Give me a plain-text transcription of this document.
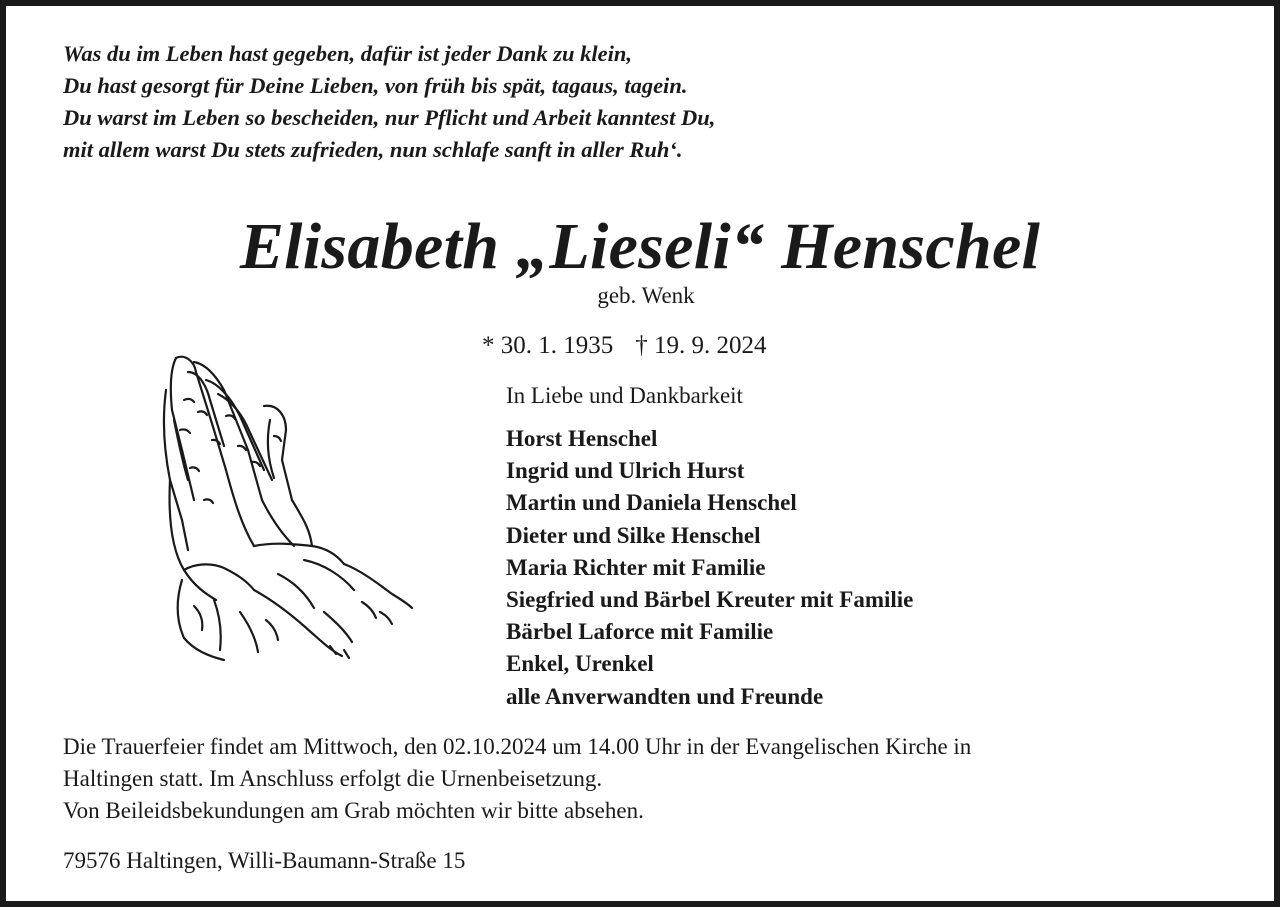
Was du im Leben hast gegeben, dafür ist jeder Dank zu klein,
Du hast gesorgt für Deine Lieben, von früh bis spät, tagaus, tagein.
Du warst im Leben so bescheiden, nur Pflicht und Arbeit kanntest Du,
mit allem warst Du stets zufrieden, nun schlafe sanft in aller Ruh‘.
Elisabeth „Lieseli“ Henschel
geb. Wenk
* 30. 1. 1935 † 19. 9. 2024
In Liebe und Dankbarkeit
Horst Henschel
Ingrid und Ulrich Hurst
Martin und Daniela Henschel
Dieter und Silke Henschel
Maria Richter mit Familie
Siegfried und Bärbel Kreuter mit Familie
Bärbel Laforce mit Familie
Enkel, Urenkel
alle Anverwandten und Freunde
Die Trauerfeier findet am Mittwoch, den 02.10.2024 um 14.00 Uhr in der Evangelischen Kirche in
Haltingen statt. Im Anschluss erfolgt die Urnenbeisetzung.
Von Beileidsbekundungen am Grab möchten wir bitte absehen.
79576 Haltingen, Willi-Baumann-Straße 15
